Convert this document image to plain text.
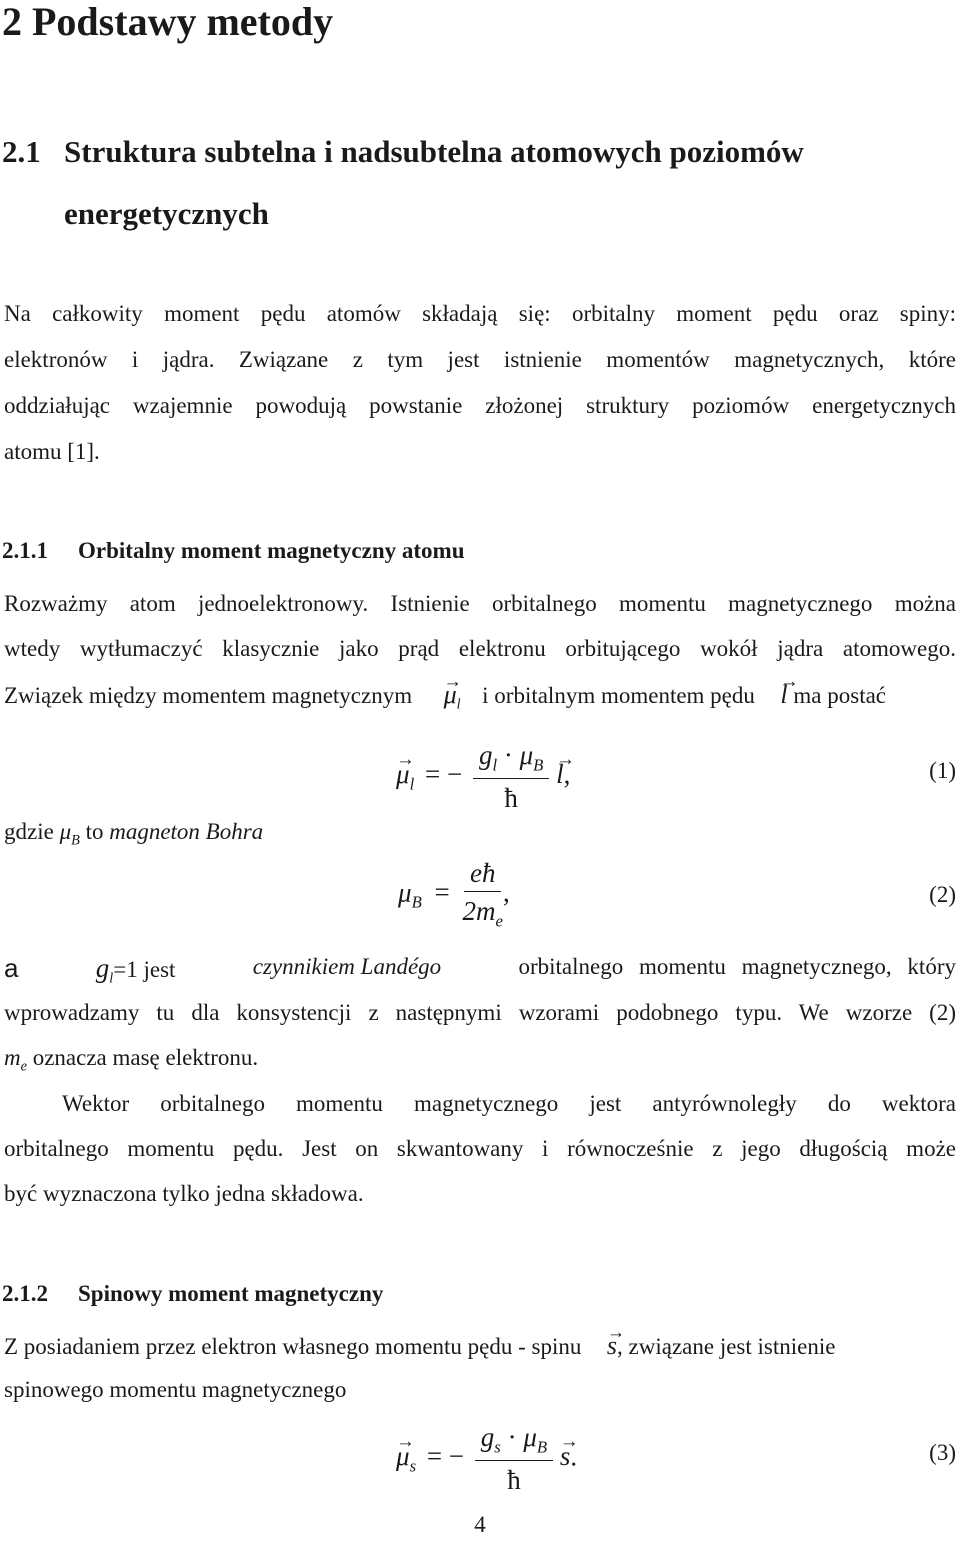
2 Podstawy metody
2.1 Struktura subtelna i nadsubtelna atomowych poziomów
energetycznych
Na całkowity moment pędu atomów składają się: orbitalny moment pędu oraz spiny:
elektronów i jądra. Związane z tym jest istnienie momentów magnetycznych, które
oddziałując wzajemnie powodują powstanie złożonej struktury poziomów energetycznych
atomu [1].
2.1.1 Orbitalny moment magnetyczny atomu
Rozważmy atom jednoelektronowy. Istnienie orbitalnego momentu magnetycznego można
wtedy wytłumaczyć klasycznie jako prąd elektronu orbitującego wokół jądra atomowego.
Związek między momentem magnetycznym  → $\mu_l$ i orbitalnym momentem pędu  → l ma postać
→ $\mu_l$ = − $\frac{g_l \cdot \mu_B}{ħ}$
→ l,	(1)
gdzie $\mu_B$ to magneton Bohra
$\mu_B = \frac{eħ}{2m_e}$ ,	(2)
a	$g_l=1$ jest	czynnikiem Landégo	orbitalnego momentu magnetycznego, który
wprowadzamy tu dla konsystencji z następnymi wzorami podobnego typu. We wzorze (2)
$m_e$ oznacza masę elektronu.
Wektor orbitalnego momentu magnetycznego jest antyrównoległy do wektora
orbitalnego momentu pędu. Jest on skwantowany i równocześnie z jego długością może
być wyznaczona tylko jedna składowa.
2.1.2 Spinowy moment magnetyczny
Z posiadaniem przez elektron własnego momentu pędu - spinu  → s, związane jest istnienie
spinowego momentu magnetycznego
→ $\mu_s$ = − $\frac{g_s \cdot \mu_B}{ħ}$
→ s.	(3)
4
